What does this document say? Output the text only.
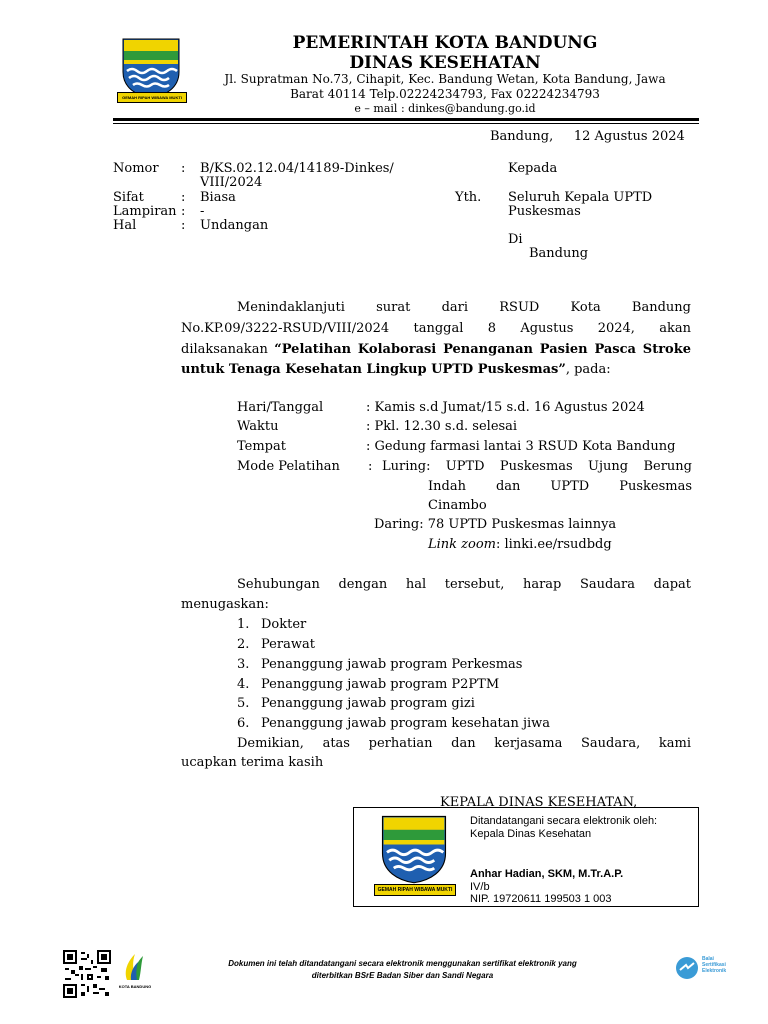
GEMAH RIPAH WIBAWA MUKTI
PEMERINTAH KOTA BANDUNG
DINAS KESEHATAN
Jl. Supratman No.73, Cihapit, Kec. Bandung Wetan, Kota Bandung, Jawa
Barat 40114 Telp.02224234793, Fax 02224234793
e – mail : dinkes@bandung.go.id
Bandung,     12 Agustus 2024
Nomor : B/KS.02.12.04/14189-Dinkes/
VIII/2024
Sifat	: Biasa
Lampiran : -
Hal	: Undangan
Kepada
Yth. Seluruh Kepala UPTD
Puskesmas
Di
Bandung
Menindaklanjuti surat dari RSUD Kota Bandung
No.KP.09/3222-RSUD/VIII/2024 tanggal 8 Agustus 2024, akan
dilaksanakan “Pelatihan Kolaborasi Penanganan Pasien Pasca Stroke
untuk Tenaga Kesehatan Lingkup UPTD Puskesmas”, pada:
Hari/Tanggal	: Kamis s.d Jumat/15 s.d. 16 Agustus 2024
Waktu	: Pkl. 12.30 s.d. selesai
Tempat	: Gedung farmasi lantai 3 RSUD Kota Bandung
Mode Pelatihan : Luring: UPTD Puskesmas Ujung Berung
Indah dan UPTD Puskesmas
Cinambo
Daring: 78 UPTD Puskesmas lainnya
Link zoom: linki.ee/rsudbdg
Sehubungan dengan hal tersebut, harap Saudara dapat
menugaskan:
1. Dokter
2. Perawat
3. Penanggung jawab program Perkesmas
4. Penanggung jawab program P2PTM
5. Penanggung jawab program gizi
6. Penanggung jawab program kesehatan jiwa
Demikian, atas perhatian dan kerjasama Saudara, kami
ucapkan terima kasih
KEPALA DINAS KESEHATAN,
GEMAH RIPAH WIBAWA MUKTI
Ditandatangani secara elektronik oleh:
Kepala Dinas Kesehatan
Anhar Hadian, SKM, M.Tr.A.P.
IV/b
NIP. 19720611 199503 1 003
KOTA BANDUNG
Dokumen ini telah ditandatangani secara elektronik menggunakan sertifikat elektronik yang
diterbitkan BSrE Badan Siber dan Sandi Negara
Balai
Sertifikasi
Elektronik
